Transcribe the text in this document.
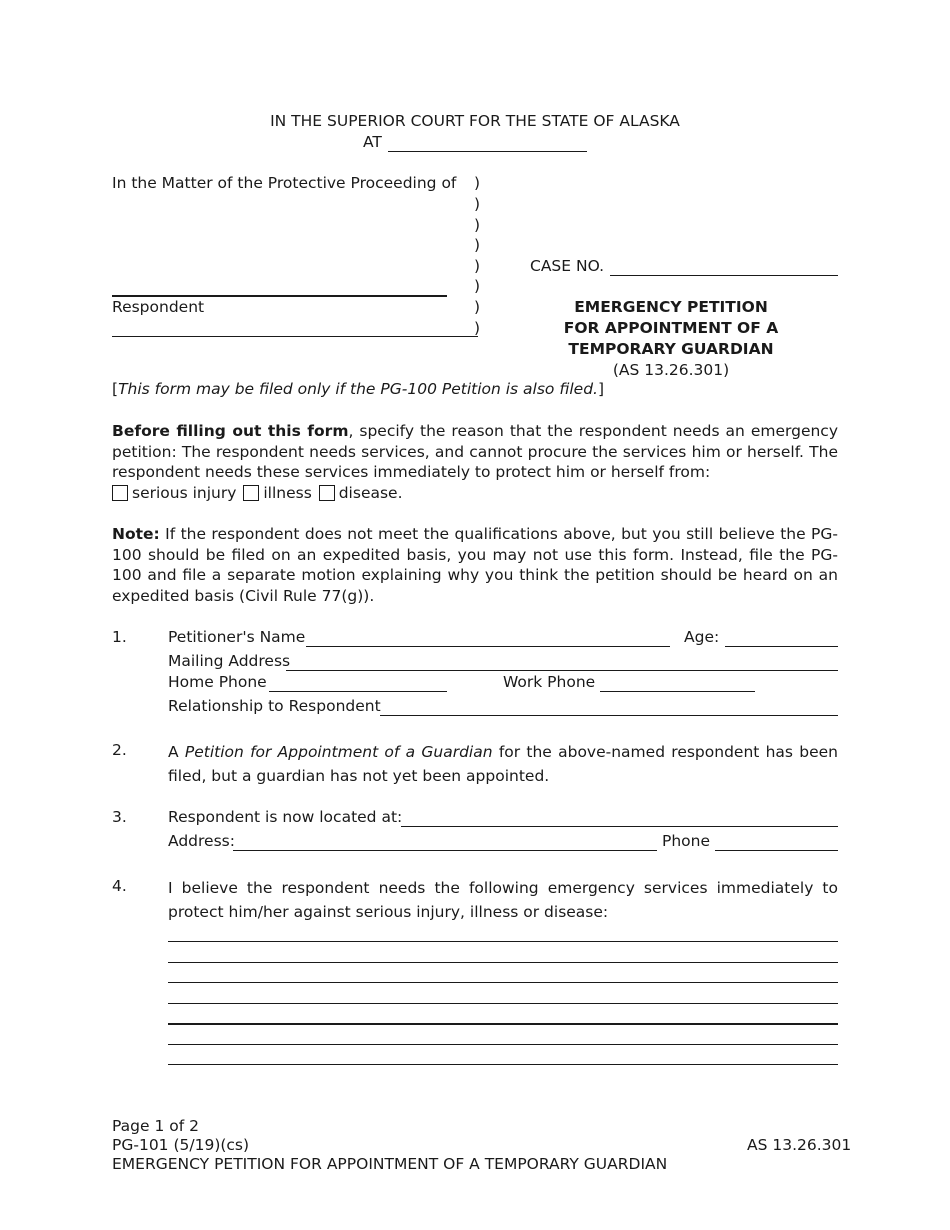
IN THE SUPERIOR COURT FOR THE STATE OF ALASKA
AT
In the Matter of the Protective Proceeding of
Respondent
)
)
)
)
)
)
)
)
CASE NO.
EMERGENCY PETITION
FOR APPOINTMENT OF A
TEMPORARY GUARDIAN
(AS 13.26.301)
[This form may be filed only if the PG-100 Petition is also filed.]
Before filling out this form, specify the reason that the respondent needs an emergency petition: The respondent needs services, and cannot procure the services him or herself. The respondent needs these services immediately to protect him or herself from:
serious injury illness disease.
Note: If the respondent does not meet the qualifications above, but you still believe the PG-100 should be filed on an expedited basis, you may not use this form. Instead, file the PG-100 and file a separate motion explaining why you think the petition should be heard on an expedited basis (Civil Rule 77(g)).
1.	Petitioner's Name	Age:
Mailing Address
Home Phone	Work Phone
Relationship to Respondent
2.	A Petition for Appointment of a Guardian for the above-named respondent has been filed, but a guardian has not yet been appointed.
3.	Respondent is now located at:
Address:	Phone
4.	I believe the respondent needs the following emergency services immediately to protect him/her against serious injury, illness or disease:
Page 1 of 2
PG-101 (5/19)(cs)	AS 13.26.301
EMERGENCY PETITION FOR APPOINTMENT OF A TEMPORARY GUARDIAN
